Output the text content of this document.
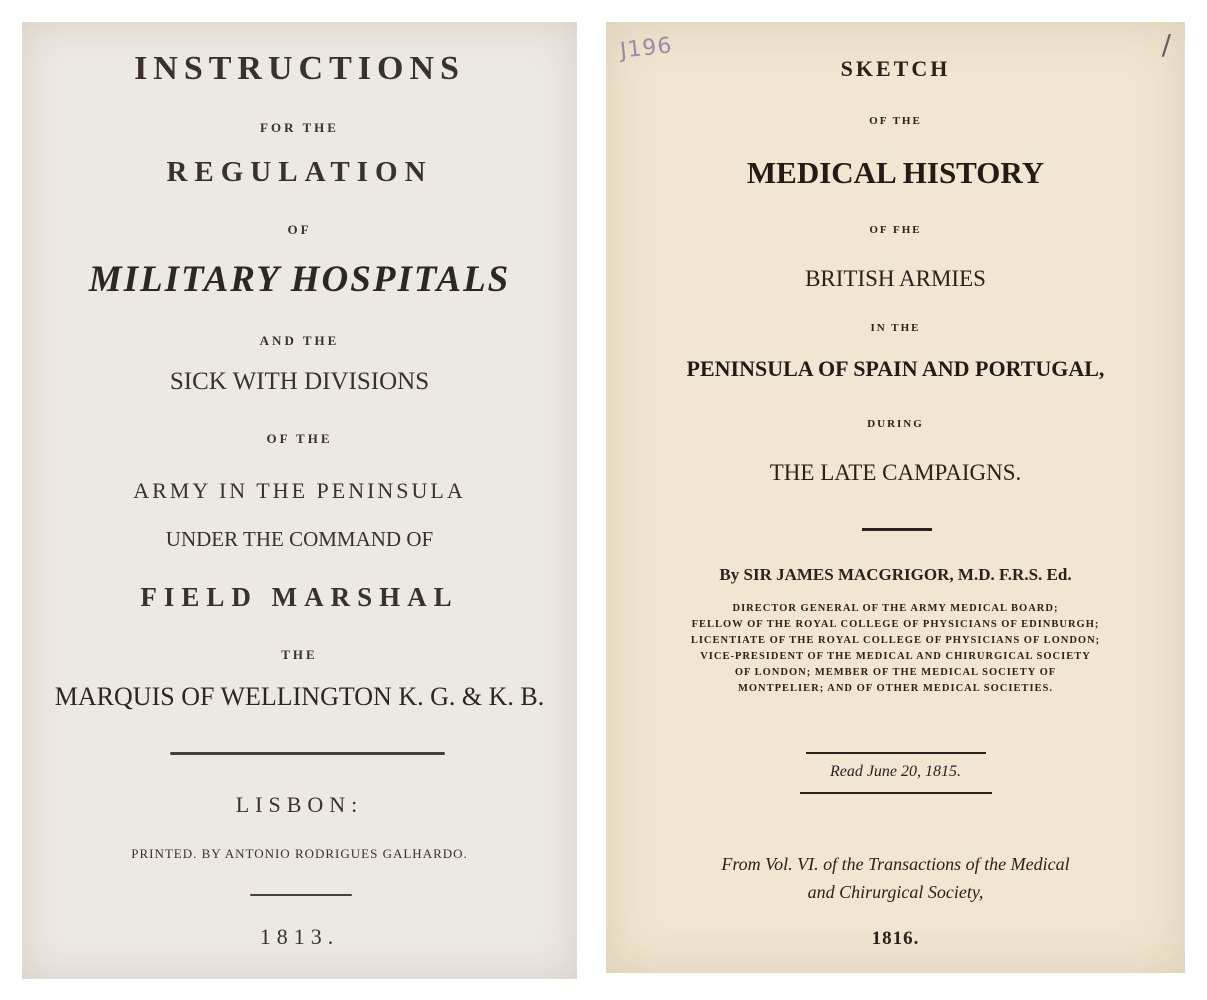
INSTRUCTIONS
FOR THE
REGULATION
OF
MILITARY HOSPITALS
AND THE
SICK WITH DIVISIONS
OF THE
ARMY IN THE PENINSULA
UNDER THE COMMAND OF
FIELD MARSHAL
THE
MARQUIS OF WELLINGTON K. G. & K. B.
LISBON:
PRINTED. BY ANTONIO RODRIGUES GALHARDO.
1813.
J196	/
SKETCH
OF THE
MEDICAL HISTORY
OF FHE
BRITISH ARMIES
IN THE
PENINSULA OF SPAIN AND PORTUGAL,
DURING
THE LATE CAMPAIGNS.
By SIR JAMES MACGRIGOR, M.D. F.R.S. Ed.
DIRECTOR GENERAL OF THE ARMY MEDICAL BOARD;
FELLOW OF THE ROYAL COLLEGE OF PHYSICIANS OF EDINBURGH;
LICENTIATE OF THE ROYAL COLLEGE OF PHYSICIANS OF LONDON;
VICE-PRESIDENT OF THE MEDICAL AND CHIRURGICAL SOCIETY
OF LONDON; MEMBER OF THE MEDICAL SOCIETY OF
MONTPELIER; AND OF OTHER MEDICAL SOCIETIES.
Read June 20, 1815.
From Vol. VI. of the Transactions of the Medical
and Chirurgical Society,
1816.
